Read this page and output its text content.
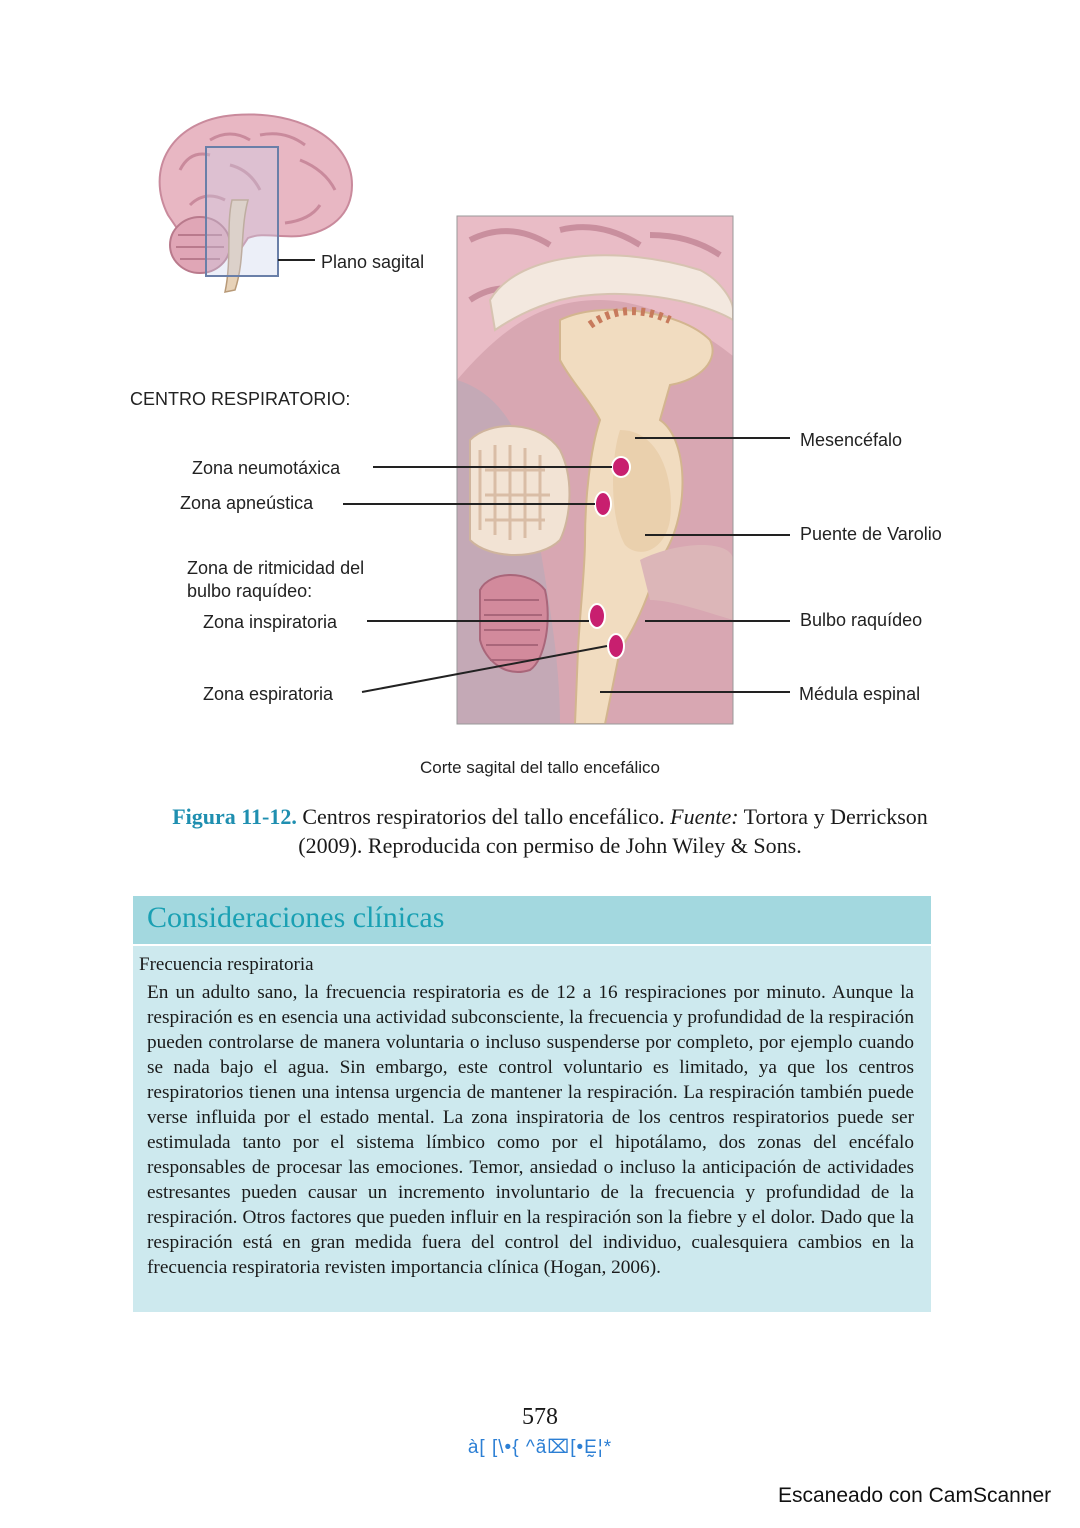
Plano sagital
CENTRO RESPIRATORIO:
Zona neumotáxica
Zona apneústica
Zona de ritmicidad del
bulbo raquídeo:
Zona inspiratoria
Zona espiratoria
Mesencéfalo
Puente de Varolio
Bulbo raquídeo
Médula espinal
Corte sagital del tallo encefálico
Figura 11-12. Centros respiratorios del tallo encefálico. Fuente: Tortora y Derrickson (2009). Reproducida con permiso de John Wiley & Sons.
Consideraciones clínicas
Frecuencia respiratoria
En un adulto sano, la frecuencia respiratoria es de 12 a 16 respiraciones por minuto. Aunque la respiración es en esencia una actividad subconsciente, la frecuencia y profundidad de la respiración pueden controlarse de manera voluntaria o incluso suspenderse por completo, por ejemplo cuando se nada bajo el agua. Sin embargo, este control voluntario es limitado, ya que los centros respiratorios tienen una intensa urgencia de mantener la respiración. La respiración también puede verse influida por el estado mental. La zona inspiratoria de los centros respiratorios puede ser estimulada tanto por el sistema límbico como por el hipotálamo, dos zonas del encéfalo responsables de procesar las emociones. Temor, ansiedad o incluso la anticipación de actividades estresantes pueden causar un incremento involuntario de la frecuencia y profundidad de la respiración. Otros factores que pueden influir en la respiración son la fiebre y el dolor. Dado que la respiración está en gran medida fuera del control del individuo, cualesquiera cambios en la frecuencia respiratoria revisten importancia clínica (Hogan, 2006).
578
à[ [\•{ ^ã⌧[•Ḛ¦*
Escaneado con CamScanner
